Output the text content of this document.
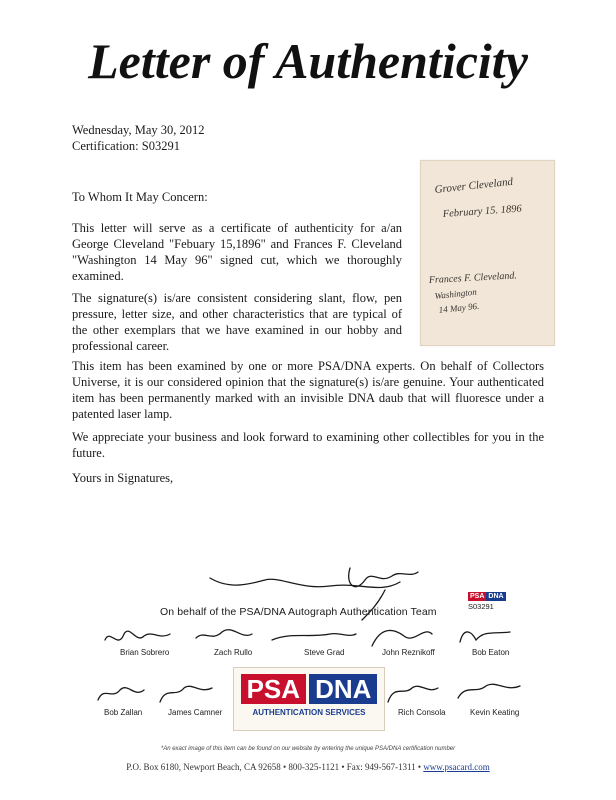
Letter of Authenticity
Wednesday, May 30, 2012
Certification: S03291
To Whom It May Concern:

This letter will serve as a certificate of authenticity for a/an George Cleveland "Febuary 15,1896" and Frances F. Cleveland "Washington 14 May 96" signed cut, which we thoroughly examined.

The signature(s) is/are consistent considering slant, flow, pen pressure, letter size, and other characteristics that are typical of the other exemplars that we have examined in our hobby and professional career.

This item has been examined by one or more PSA/DNA experts. On behalf of Collectors Universe, it is our considered opinion that the signature(s) is/are genuine. Your authenticated item has been permanently marked with an invisible DNA daub that will fluoresce under a patented laser lamp.

We appreciate your business and look forward to examining other collectibles for you in the future.

Yours in Signatures,
Grover Cleveland
February 15. 1896
Frances F. Cleveland.
Washington
14 May 96.
On behalf of the PSA/DNA Autograph Authentication Team
PSA DNA
S03291
Brian Sobrero	Zach Rullo	Steve Grad	John Reznikoff	Bob Eaton
Bob Zallan	James Camner	Rich Consola	Kevin Keating
PSA DNA
AUTHENTICATION SERVICES
*An exact image of this item can be found on our website by entering the unique PSA/DNA certification number
P.O. Box 6180, Newport Beach, CA 92658 • 800-325-1121 • Fax: 949-567-1311 • www.psacard.com
